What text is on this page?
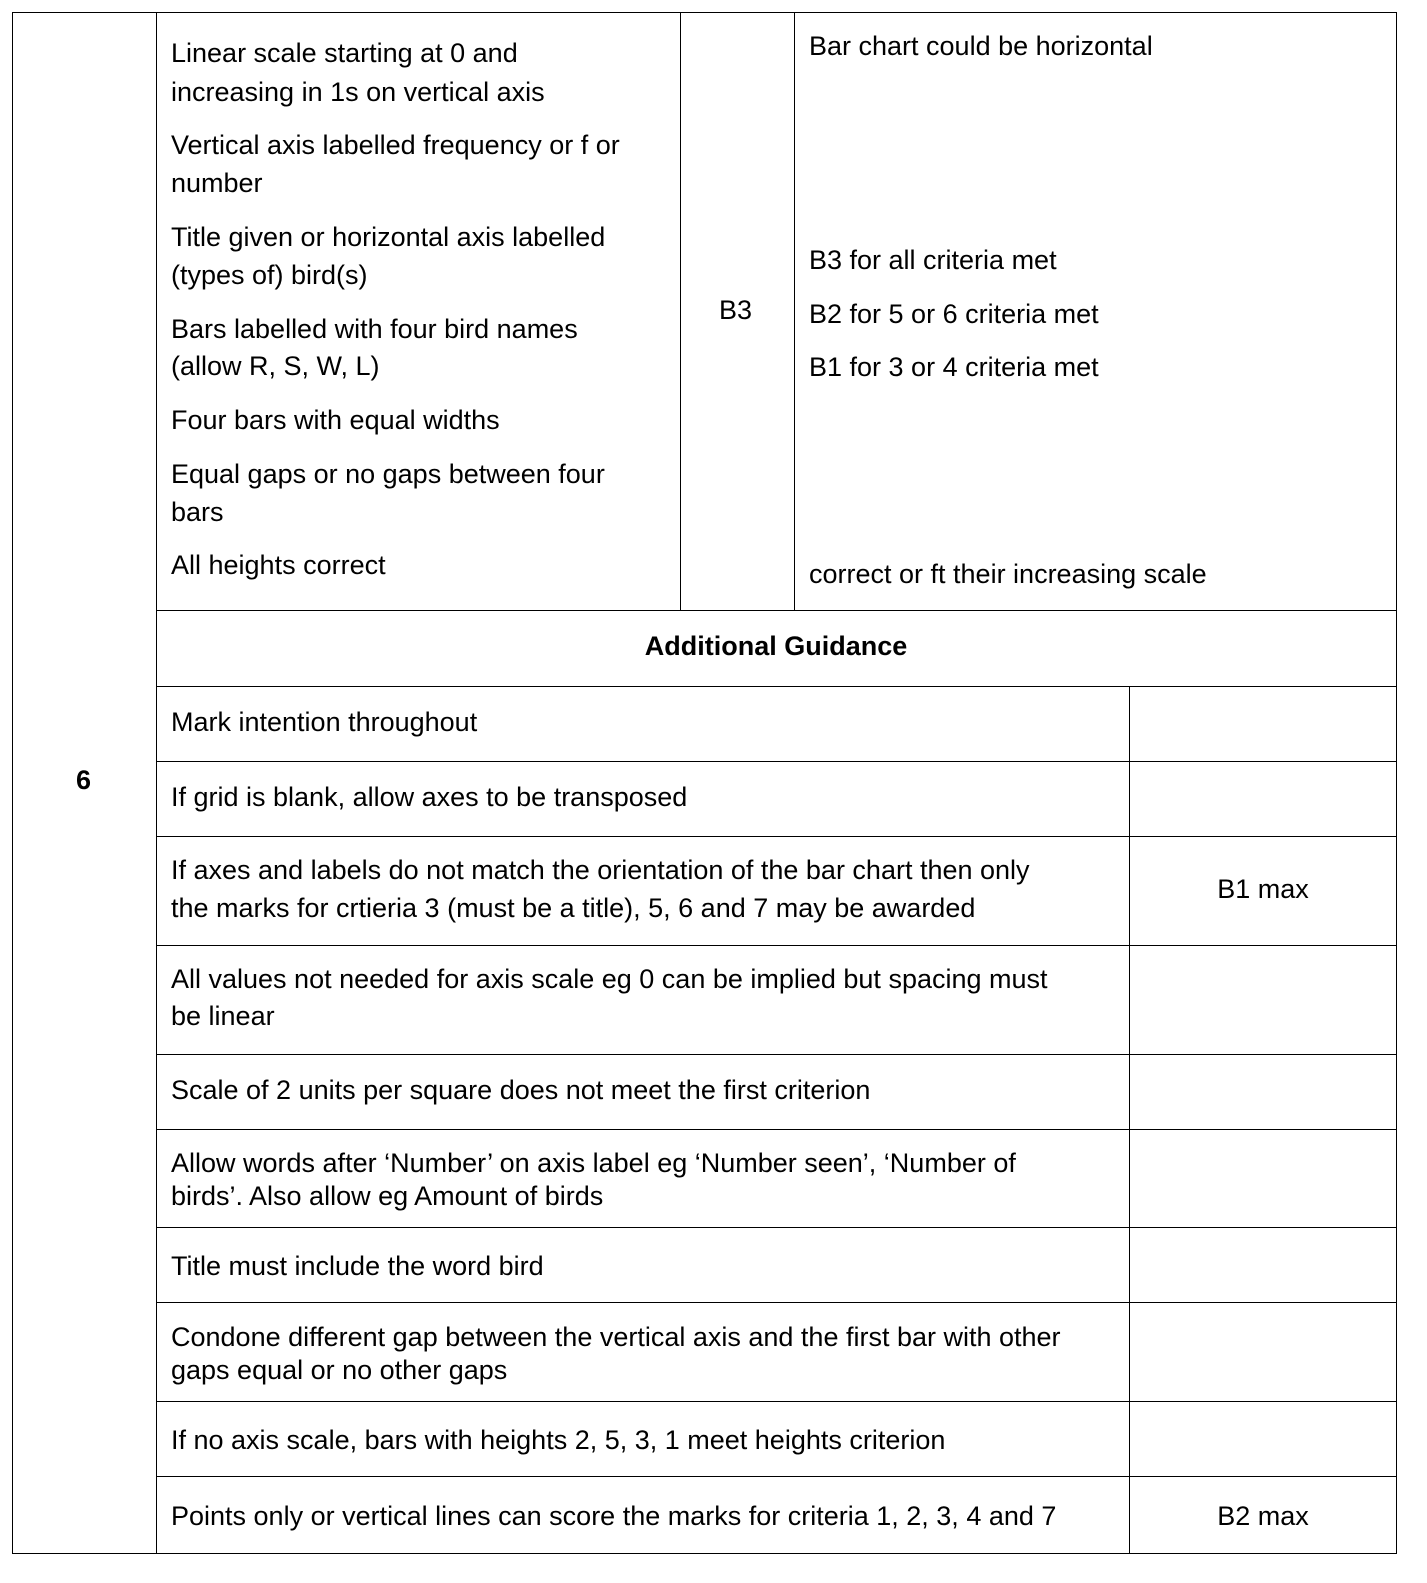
6
Linear scale starting at 0 and
increasing in 1s on vertical axis
Vertical axis labelled frequency or f or
number
Title given or horizontal axis labelled
(types of) bird(s)
Bars labelled with four bird names
(allow R, S, W, L)
Four bars with equal widths
Equal gaps or no gaps between four
bars
All heights correct
B3
Bar chart could be horizontal
B3 for all criteria met
B2 for 5 or 6 criteria met
B1 for 3 or 4 criteria met
correct or ft their increasing scale
Additional Guidance
Mark intention throughout
If grid is blank, allow axes to be transposed
If axes and labels do not match the orientation of the bar chart then only
the marks for crtieria 3 (must be a title), 5, 6 and 7 may be awarded
B1 max
All values not needed for axis scale eg 0 can be implied but spacing must
be linear
Scale of 2 units per square does not meet the first criterion
Allow words after ‘Number’ on axis label eg ‘Number seen’, ‘Number of
birds’. Also allow eg Amount of birds
Title must include the word bird
Condone different gap between the vertical axis and the first bar with other
gaps equal or no other gaps
If no axis scale, bars with heights 2, 5, 3, 1 meet heights criterion
Points only or vertical lines can score the marks for criteria 1, 2, 3, 4 and 7	B2 max
